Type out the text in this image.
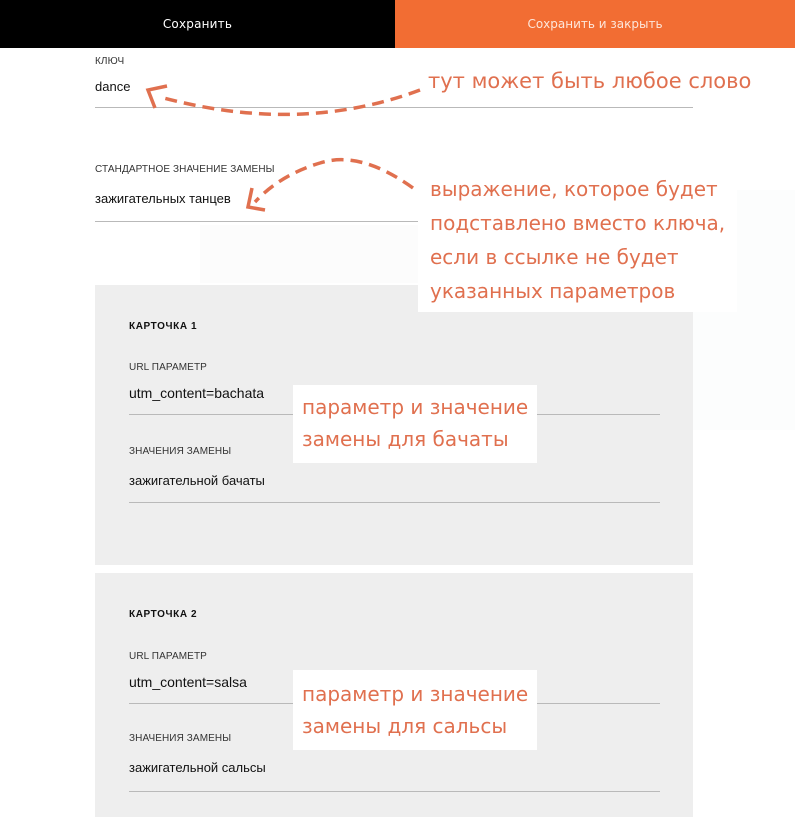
Сохранить	Сохранить и закрыть
КЛЮЧ
dance
СТАНДАРТНОЕ ЗНАЧЕНИЕ ЗАМЕНЫ
зажигательных танцев
КАРТОЧКА 1
URL ПАРАМЕТР
utm_content=bachata
ЗНАЧЕНИЯ ЗАМЕНЫ
зажигательной бачаты
КАРТОЧКА 2
URL ПАРАМЕТР
utm_content=salsa
ЗНАЧЕНИЯ ЗАМЕНЫ
зажигательной сальсы
тут может быть любое слово
выражение, которое будет
подставлено вместо ключа,
если в ссылке не будет
указанных параметров
параметр и значение
замены для бачаты
параметр и значение
замены для сальсы
